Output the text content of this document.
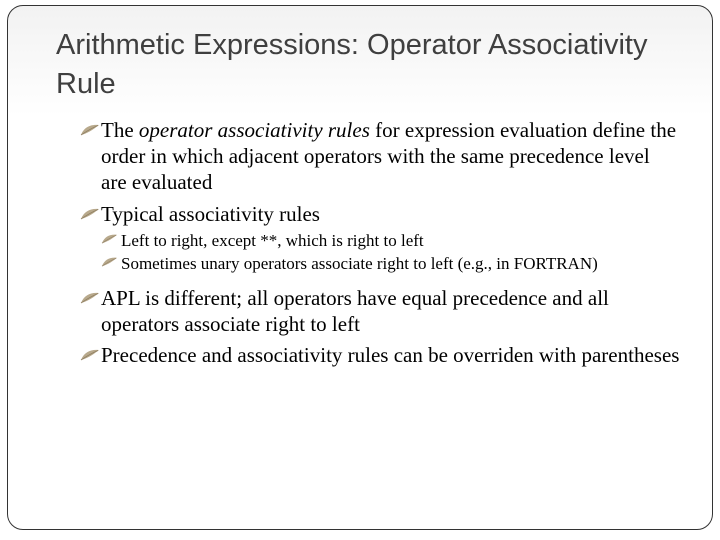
Arithmetic Expressions: Operator Associativity Rule
The operator associativity rules for expression evaluation define the order in which adjacent operators with the same precedence level are evaluated
Typical associativity rules
Left to right, except **, which is right to left
Sometimes unary operators associate right to left (e.g., in FORTRAN)
APL is different; all operators have equal precedence and all operators associate right to left
Precedence and associativity rules can be overriden with parentheses
